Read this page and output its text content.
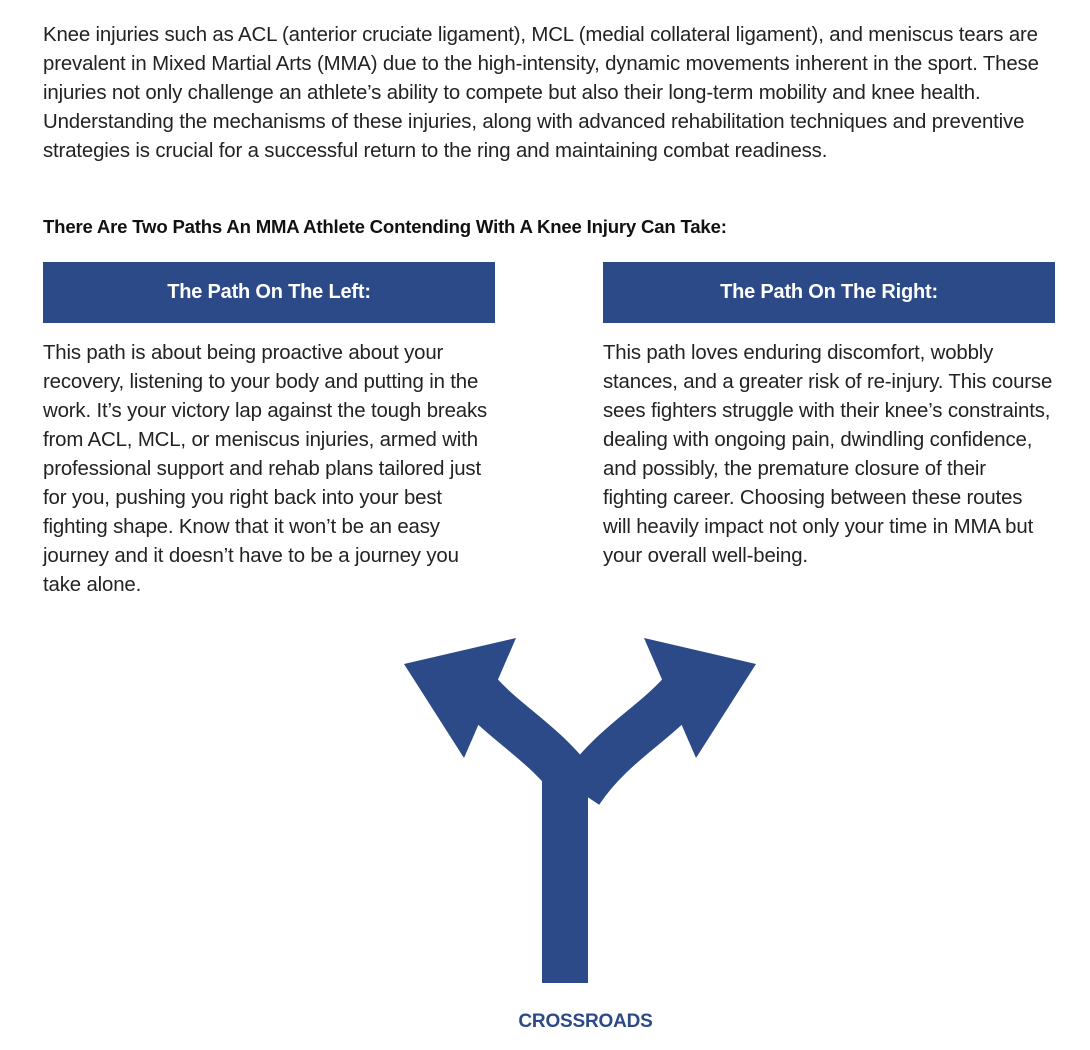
Knee injuries such as ACL (anterior cruciate ligament), MCL (medial collateral ligament), and meniscus tears are prevalent in Mixed Martial Arts (MMA) due to the high-intensity, dynamic movements inherent in the sport. These injuries not only challenge an athlete’s ability to compete but also their long-term mobility and knee health. Understanding the mechanisms of these injuries, along with advanced rehabilitation techniques and preventive strategies is crucial for a successful return to the ring and maintaining combat readiness.

There Are Two Paths An MMA Athlete Contending With A Knee Injury Can Take:
The Path On The Left:

This path is about being proactive about your recovery, listening to your body and putting in the work. It’s your victory lap against the tough breaks from ACL, MCL, or meniscus injuries, armed with professional support and rehab plans tailored just for you, pushing you right back into your best fighting shape. Know that it won’t be an easy journey and it doesn’t have to be a journey you take alone.

The Path On The Right:

This path loves enduring discomfort, wobbly stances, and a greater risk of re-injury. This course sees fighters struggle with their knee’s constraints, dealing with ongoing pain, dwindling confidence, and possibly, the premature closure of their fighting career. Choosing between these routes will heavily impact not only your time in MMA but your overall well-being.

CROSSROADS
